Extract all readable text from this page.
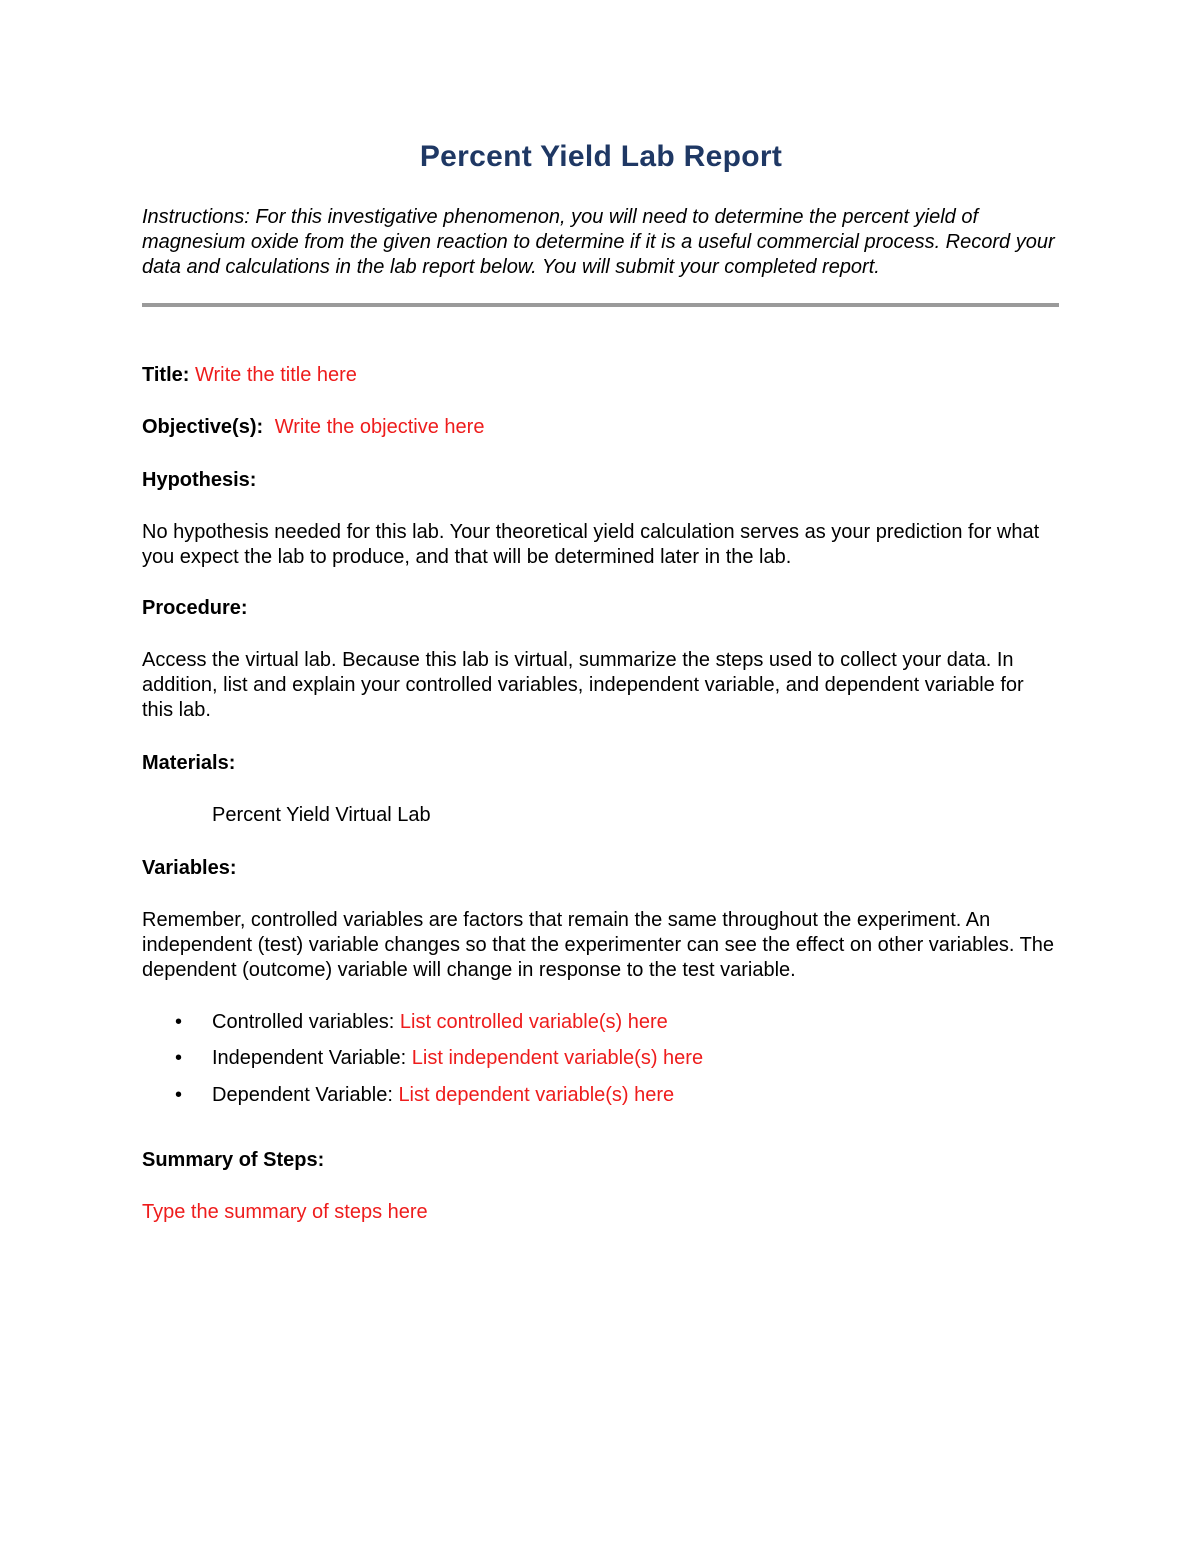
Percent Yield Lab Report
Instructions: For this investigative phenomenon, you will need to determine the percent yield of magnesium oxide from the given reaction to determine if it is a useful commercial process. Record your data and calculations in the lab report below. You will submit your completed report.
Title: Write the title here
Objective(s): Write the objective here
Hypothesis:
No hypothesis needed for this lab. Your theoretical yield calculation serves as your prediction for what you expect the lab to produce, and that will be determined later in the lab.
Procedure:
Access the virtual lab. Because this lab is virtual, summarize the steps used to collect your data. In addition, list and explain your controlled variables, independent variable, and dependent variable for this lab.
Materials:
Percent Yield Virtual Lab
Variables:
Remember, controlled variables are factors that remain the same throughout the experiment. An independent (test) variable changes so that the experimenter can see the effect on other variables. The dependent (outcome) variable will change in response to the test variable.
• Controlled variables: List controlled variable(s) here
• Independent Variable: List independent variable(s) here
• Dependent Variable: List dependent variable(s) here
Summary of Steps:
Type the summary of steps here
